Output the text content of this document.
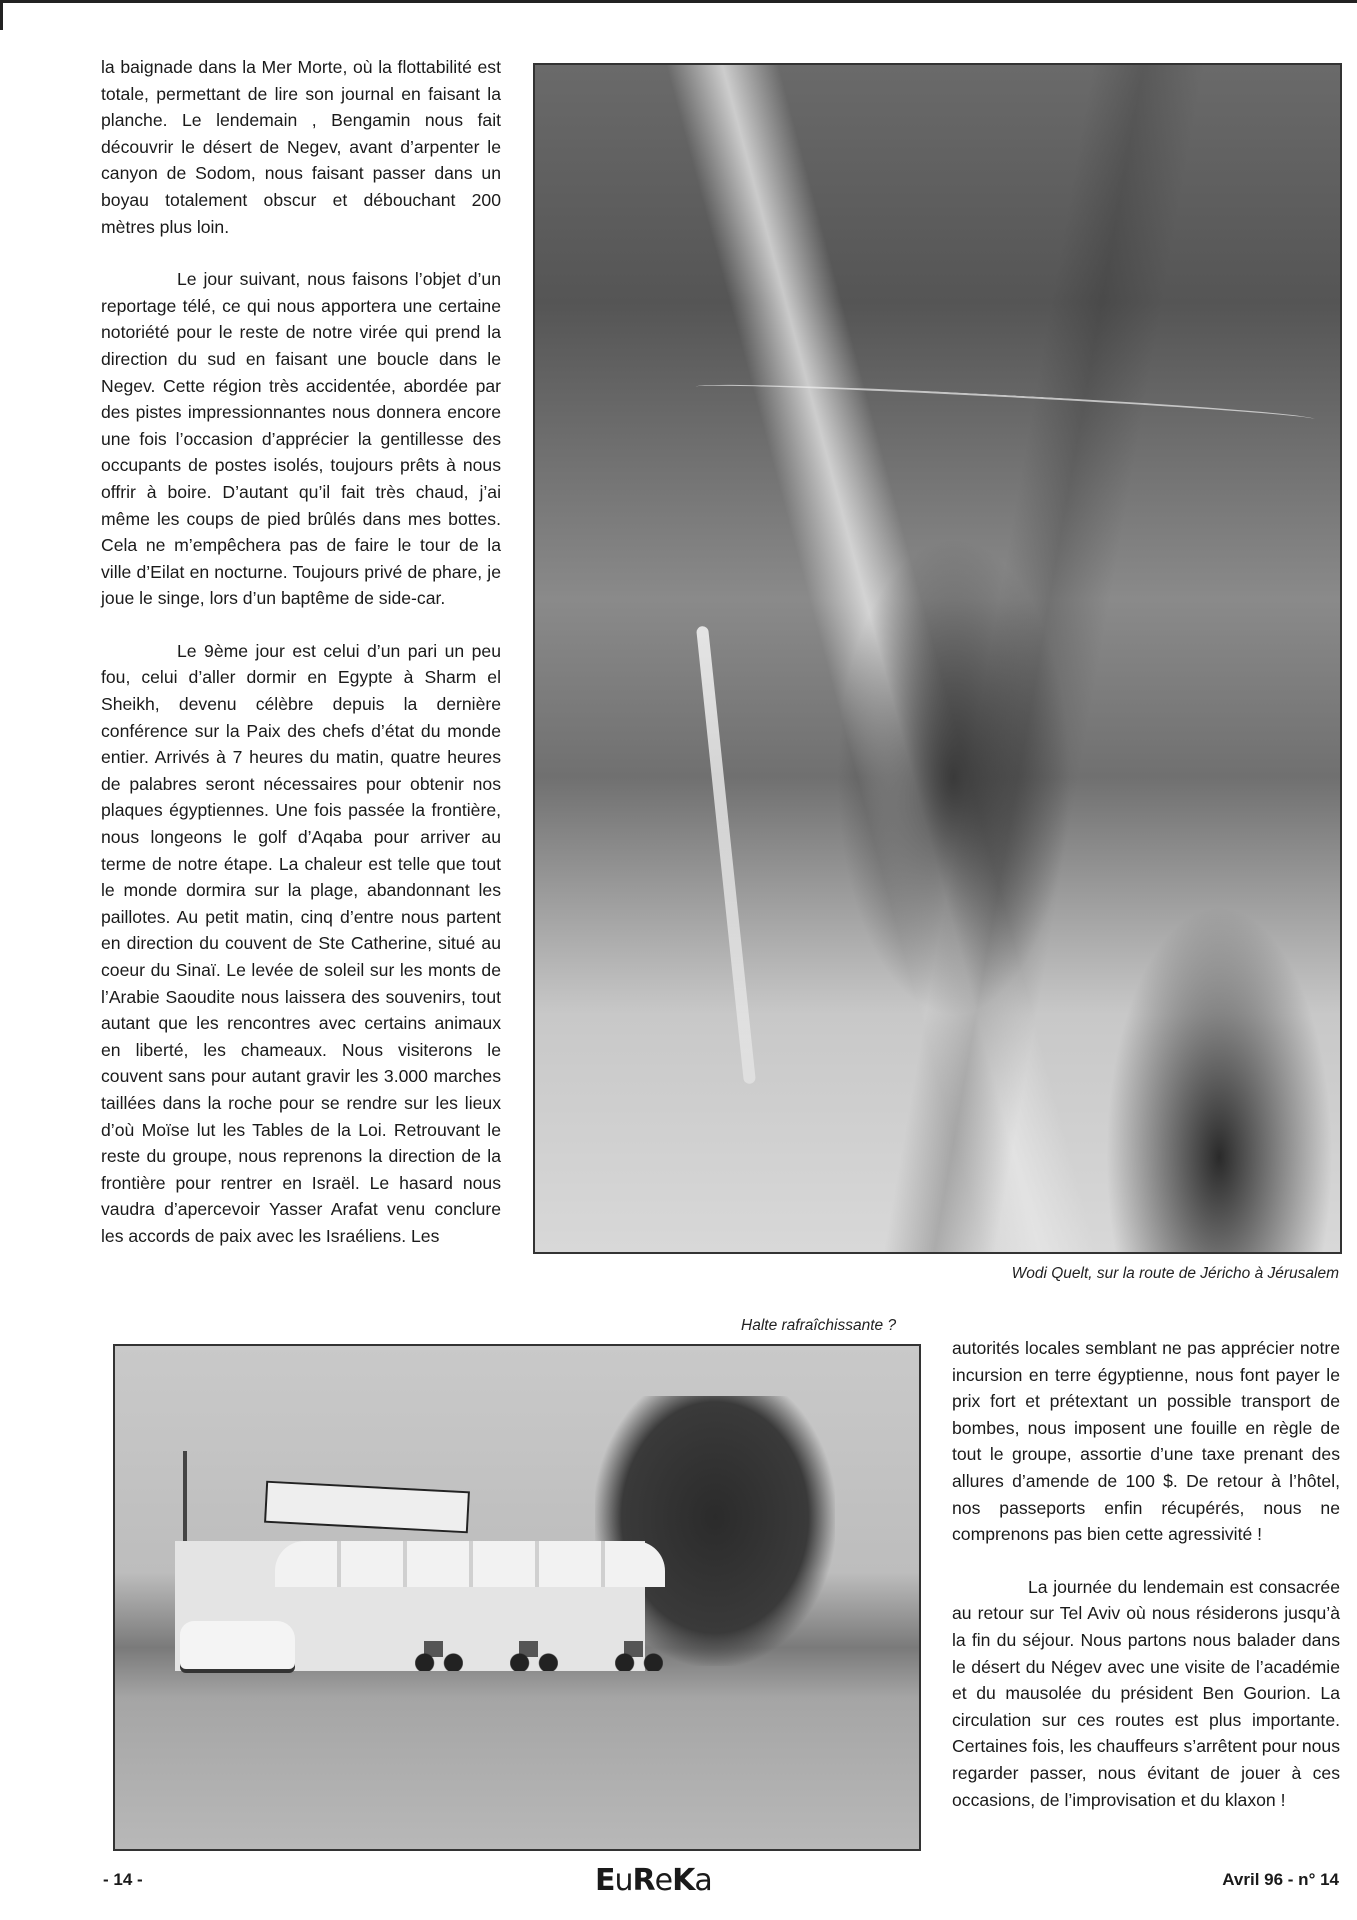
la baignade dans la Mer Morte, où la flottabilité est totale, permettant de lire son journal en faisant la planche. Le lendemain , Bengamin nous fait découvrir le désert de Negev, avant d’arpenter le canyon de Sodom, nous faisant passer dans un boyau totalement obscur et débouchant 200 mètres plus loin.

Le jour suivant, nous faisons l’objet d’un reportage télé, ce qui nous apportera une certaine notoriété pour le reste de notre virée qui prend la direction du sud en faisant une boucle dans le Negev. Cette région très accidentée, abordée par des pistes impressionnantes nous donnera encore une fois l’occasion d’apprécier la gentillesse des occupants de postes isolés, toujours prêts à nous offrir à boire. D’autant qu’il fait très chaud, j’ai même les coups de pied brûlés dans mes bottes. Cela ne m’empêchera pas de faire le tour de la ville d’Eilat en nocturne. Toujours privé de phare, je joue le singe, lors d’un baptême de side-car.

Le 9ème jour est celui d’un pari un peu fou, celui d’aller dormir en Egypte à Sharm el Sheikh, devenu célèbre depuis la dernière conférence sur la Paix des chefs d’état du monde entier. Arrivés à 7 heures du matin, quatre heures de palabres seront nécessaires pour obtenir nos plaques égyptiennes. Une fois passée la frontière, nous longeons le golf d’Aqaba pour arriver au terme de notre étape. La chaleur est telle que tout le monde dormira sur la plage, abandonnant les paillotes. Au petit matin, cinq d’entre nous partent en direction du couvent de Ste Catherine, situé au coeur du Sinaï. Le levée de soleil sur les monts de l’Arabie Saoudite nous laissera des souvenirs, tout autant que les rencontres avec certains animaux en liberté, les chameaux. Nous visiterons le couvent sans pour autant gravir les 3.000 marches taillées dans la roche pour se rendre sur les lieux d’où Moïse lut les Tables de la Loi. Retrouvant le reste du groupe, nous reprenons la direction de la frontière pour rentrer en Israël. Le hasard nous vaudra d’apercevoir Yasser Arafat venu conclure les accords de paix avec les Israéliens. Les

Wodi Quelt, sur la route de Jéricho à Jérusalem
Halte rafraîchissante ?

autorités locales semblant ne pas apprécier notre incursion en terre égyptienne, nous font payer le prix fort et prétextant un possible transport de bombes, nous imposent une fouille en règle de tout le groupe, assortie d’une taxe prenant des allures d’amende de 100 $. De retour à l’hôtel, nos passeports enfin récupérés, nous ne comprenons pas bien cette agressivité !

La journée du lendemain est consacrée au retour sur Tel Aviv où nous résiderons jusqu’à la fin du séjour. Nous partons nous balader dans le désert du Négev avec une visite de l’académie et du mausolée du président Ben Gourion. La circulation sur ces routes est plus importante. Certaines fois, les chauffeurs s’arrêtent pour nous regarder passer, nous évitant de jouer à ces occasions, de l’improvisation et du klaxon !

- 14 -	EuReKa	Avril 96 - n° 14
